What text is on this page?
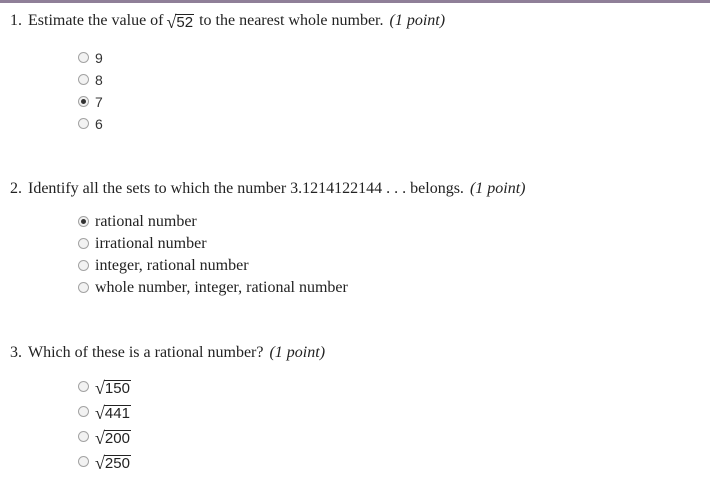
1. Estimate the value of √ 52 to the nearest whole number. (1 point)
9
8
7
6
2. Identify all the sets to which the number 3.1214122144 . . . belongs. (1 point)
rational number
irrational number
integer, rational number
whole number, integer, rational number
3. Which of these is a rational number? (1 point)
√ 150
√ 441
√ 200
√ 250
